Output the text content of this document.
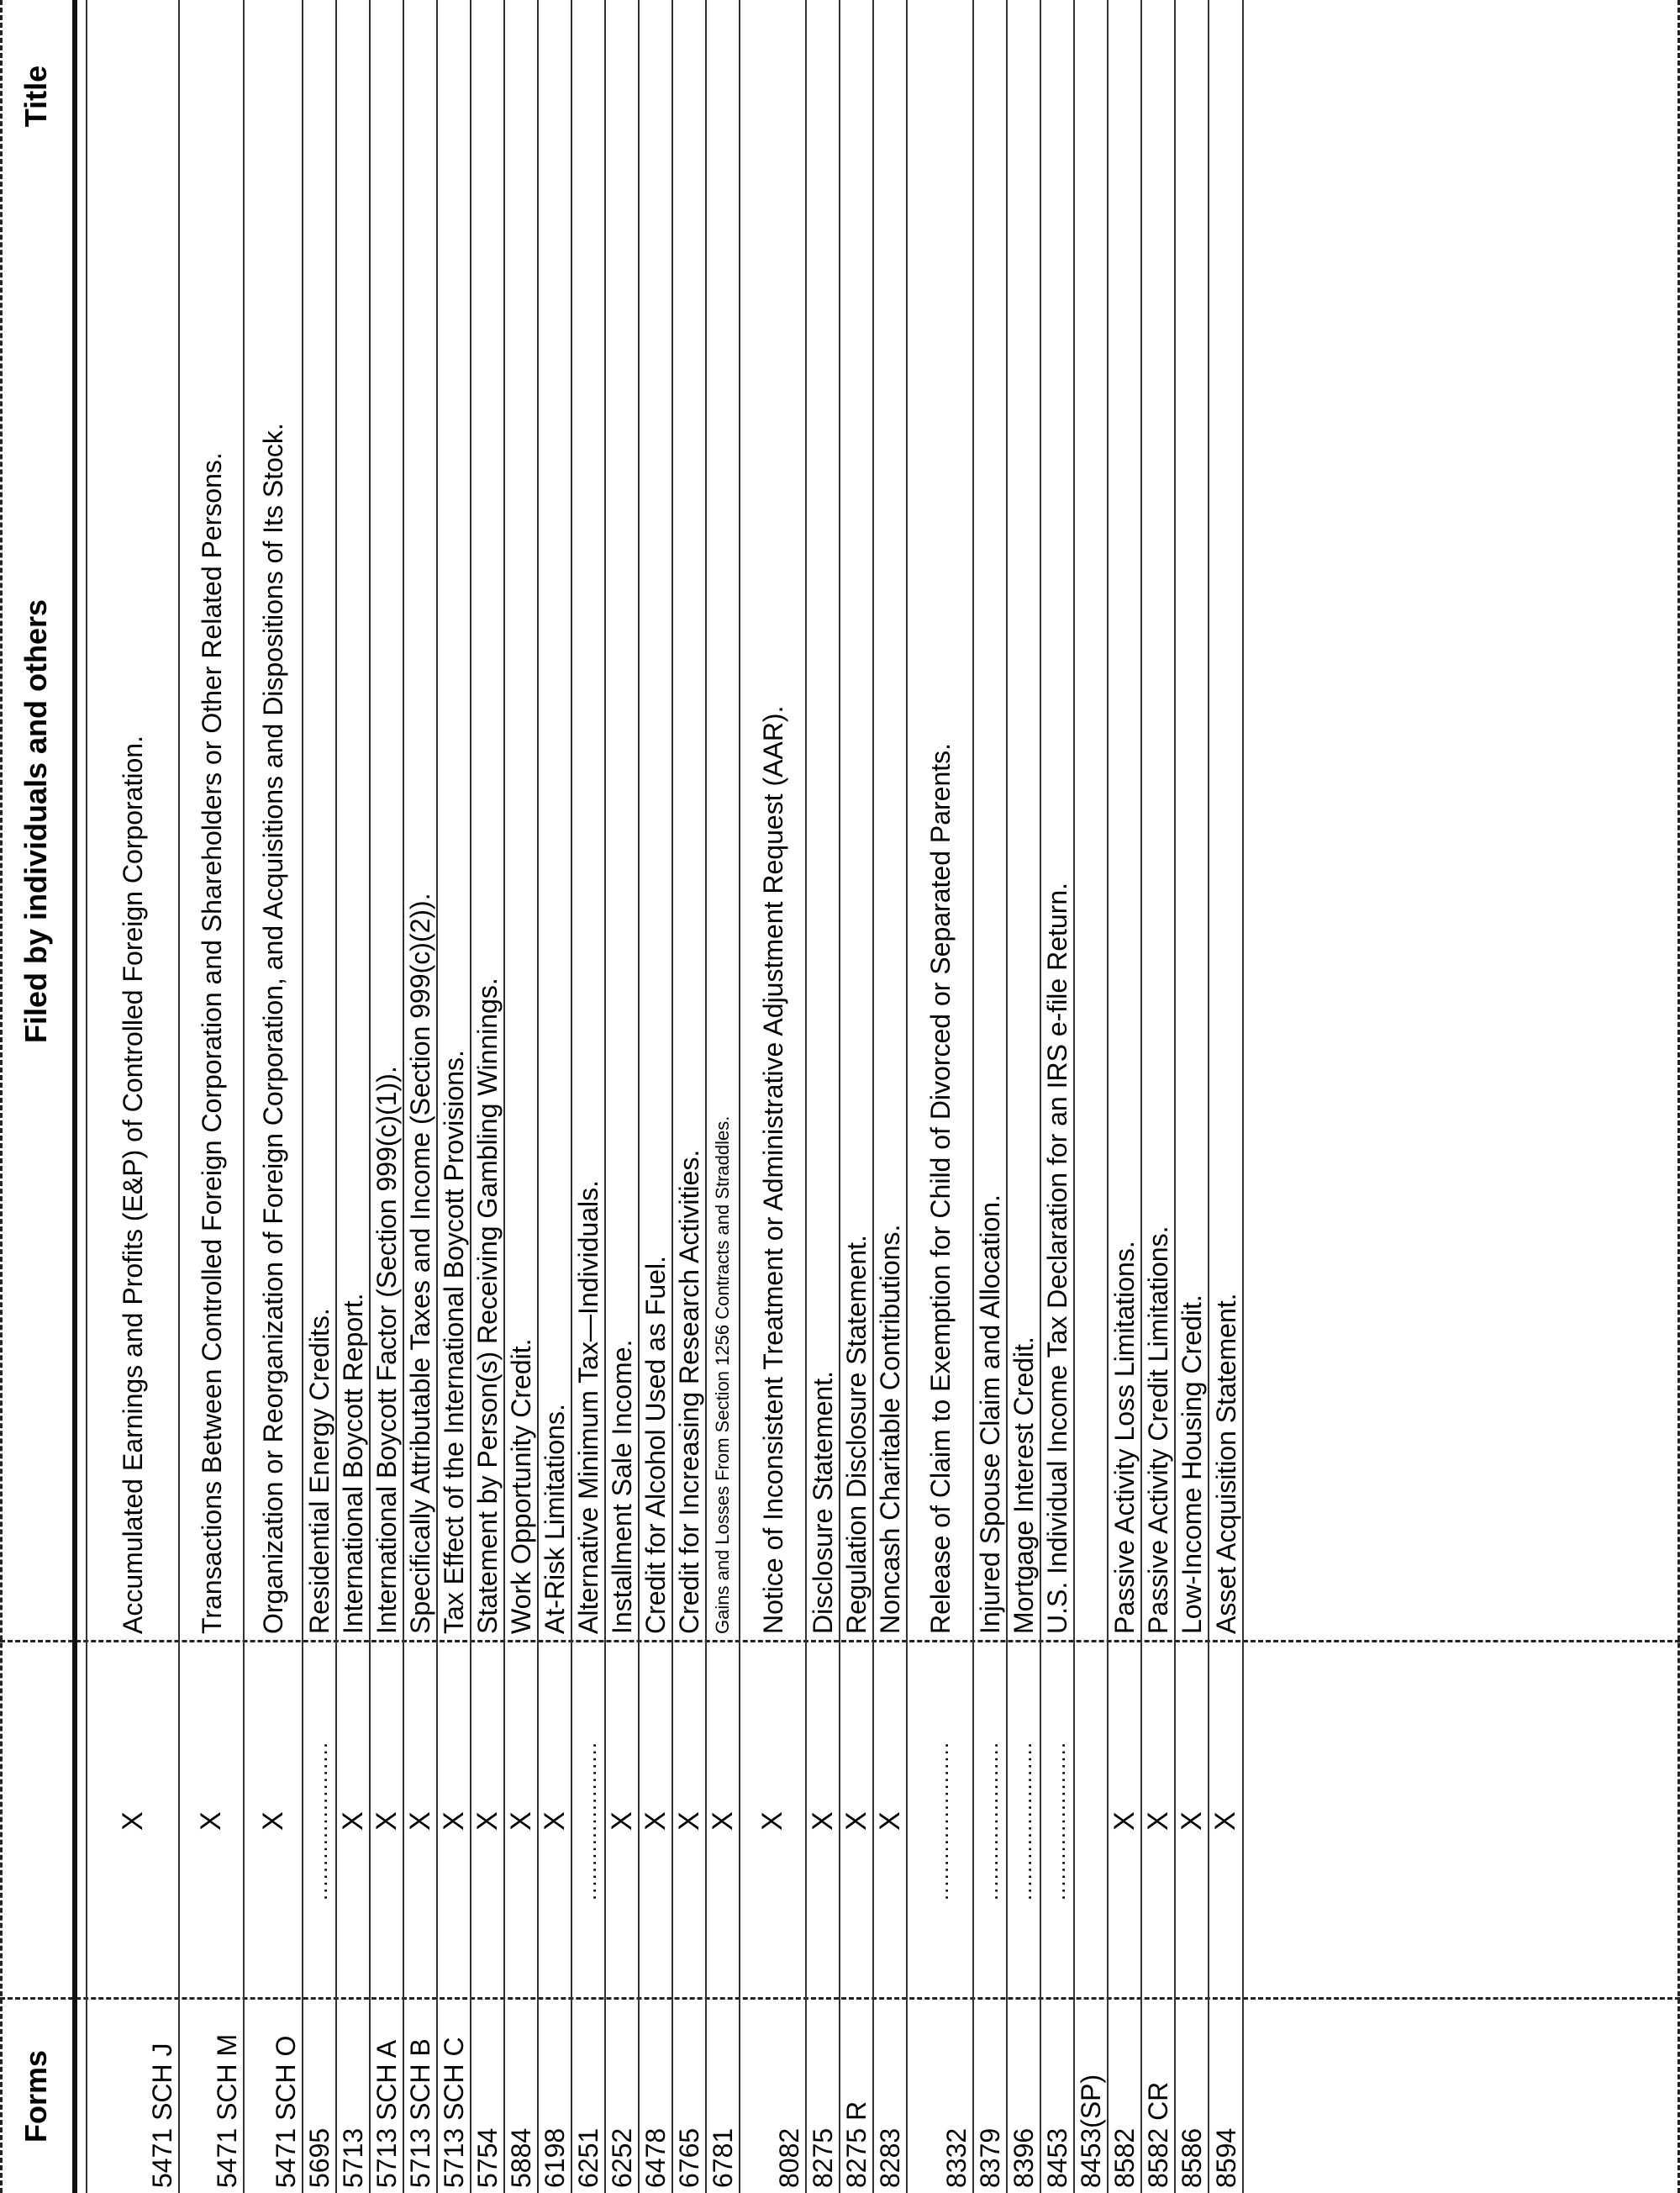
Forms
Filed by individuals and others
Title
5471 SCH J
X
Accumulated Earnings and Profits (E&P) of Controlled Foreign Corporation.
5471 SCH M
X
Transactions Between Controlled Foreign Corporation and Shareholders or Other Related Persons.
5471 SCH O
X
Organization or Reorganization of Foreign Corporation, and Acquisitions and Dispositions of Its Stock.
5695
.......................
Residential Energy Credits.
5713
X
International Boycott Report.
5713 SCH A
X
International Boycott Factor (Section 999(c)(1)).
5713 SCH B
X
Specifically Attributable Taxes and Income (Section 999(c)(2)).
5713 SCH C
X
Tax Effect of the International Boycott Provisions.
5754
X
Statement by Person(s) Receiving Gambling Winnings.
5884
X
Work Opportunity Credit.
6198
X
At-Risk Limitations.
6251
.......................
Alternative Minimum Tax—Individuals.
6252
X
Installment Sale Income.
6478
X
Credit for Alcohol Used as Fuel.
6765
X
Credit for Increasing Research Activities.
6781
X
Gains and Losses From Section 1256 Contracts and Straddles.
8082
X
Notice of Inconsistent Treatment or Administrative Adjustment Request (AAR).
8275
X
Disclosure Statement.
8275 R
X
Regulation Disclosure Statement.
8283
X
Noncash Charitable Contributions.
8332
.......................
Release of Claim to Exemption for Child of Divorced or Separated Parents.
8379
.......................
Injured Spouse Claim and Allocation.
8396
.......................
Mortgage Interest Credit.
8453
.......................
U.S. Individual Income Tax Declaration for an IRS e-file Return.
8453(SP) 8582
X
Passive Activity Loss Limitations.
8582 CR
X
Passive Activity Credit Limitations.
8586
X
Low-Income Housing Credit.
8594
X
Asset Acquisition Statement.
